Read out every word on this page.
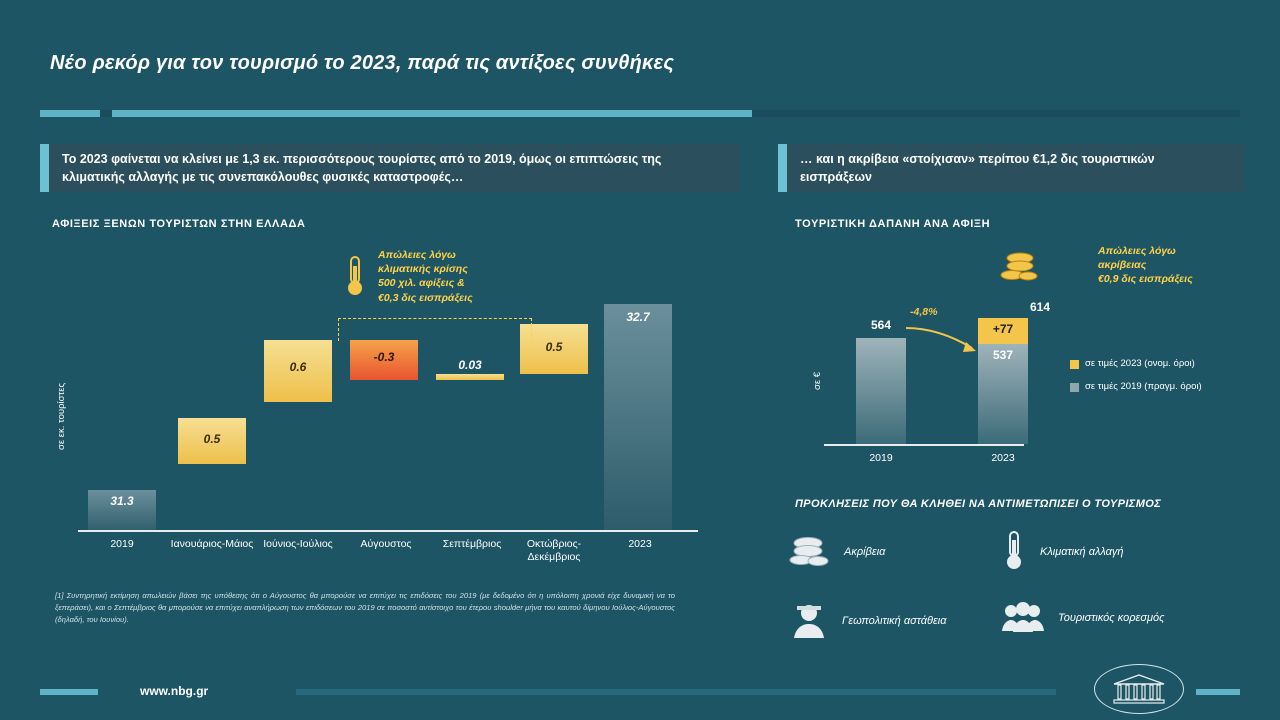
Νέο ρεκόρ για τον τουρισμό το 2023, παρά τις αντίξοες συνθήκες
Το 2023 φαίνεται να κλείνει με 1,3 εκ. περισσότερους τουρίστες από το 2019, όμως οι επιπτώσεις της κλιματικής αλλαγής με τις συνεπακόλουθες φυσικές καταστροφές…
… και η ακρίβεια «στοίχισαν» περίπου €1,2 δις τουριστικών εισπράξεων
ΑΦΙΞΕΙΣ ΞΕΝΩΝ ΤΟΥΡΙΣΤΩΝ ΣΤΗΝ ΕΛΛΑΔΑ	ΤΟΥΡΙΣΤΙΚΗ ΔΑΠΑΝΗ ΑΝΑ ΑΦΙΞΗ
σε εκ. τουρίστες
31.3
2019
0.5
Ιανουάριος-Μάιος
0.6
Ιούνιος-Ιούλιος
-0.3
Αύγουστος
0.03
Σεπτέμβριος
0.5
Οκτώβριος-Δεκέμβριος
32.7
2023
Απώλειες λόγω
κλιματικής κρίσης
500 χιλ. αφίξεις &
€0,3 δις εισπράξεις
[1] Συντηρητική εκτίμηση απωλειών βάσει της υπόθεσης ότι ο Αύγουστος θα μπορούσε να επιτύχει τις επιδόσεις του 2019 (με δεδομένο ότι η υπόλοιπη χρονιά είχε δυναμική να το ξεπεράσει), και ο Σεπτέμβριος θα μπορούσε να επιτύχει αναπλήρωση των επιδόσεων του 2019 σε ποσοστό αντίστοιχο του έτερου shoulder μήνα του καυτού δίμηνου Ιούλιος-Αύγουστος (δηλαδή, του Ιουνίου).
σε €
564
2019
537
2023
+77
614
-4,8%
Απώλειες λόγω
ακρίβειας
€0,9 δις εισπράξεις
σε τιμές 2023 (ονομ. όροι)
σε τιμές 2019 (πραγμ. όροι)
ΠΡΟΚΛΗΣΕΙΣ ΠΟΥ ΘΑ ΚΛΗΘΕΙ ΝΑ ΑΝΤΙΜΕΤΩΠΙΣΕΙ Ο ΤΟΥΡΙΣΜΟΣ
Ακρίβεια	Κλιματική αλλαγή
Γεωπολιτική αστάθεια	Τουριστικός κορεσμός
www.nbg.gr
